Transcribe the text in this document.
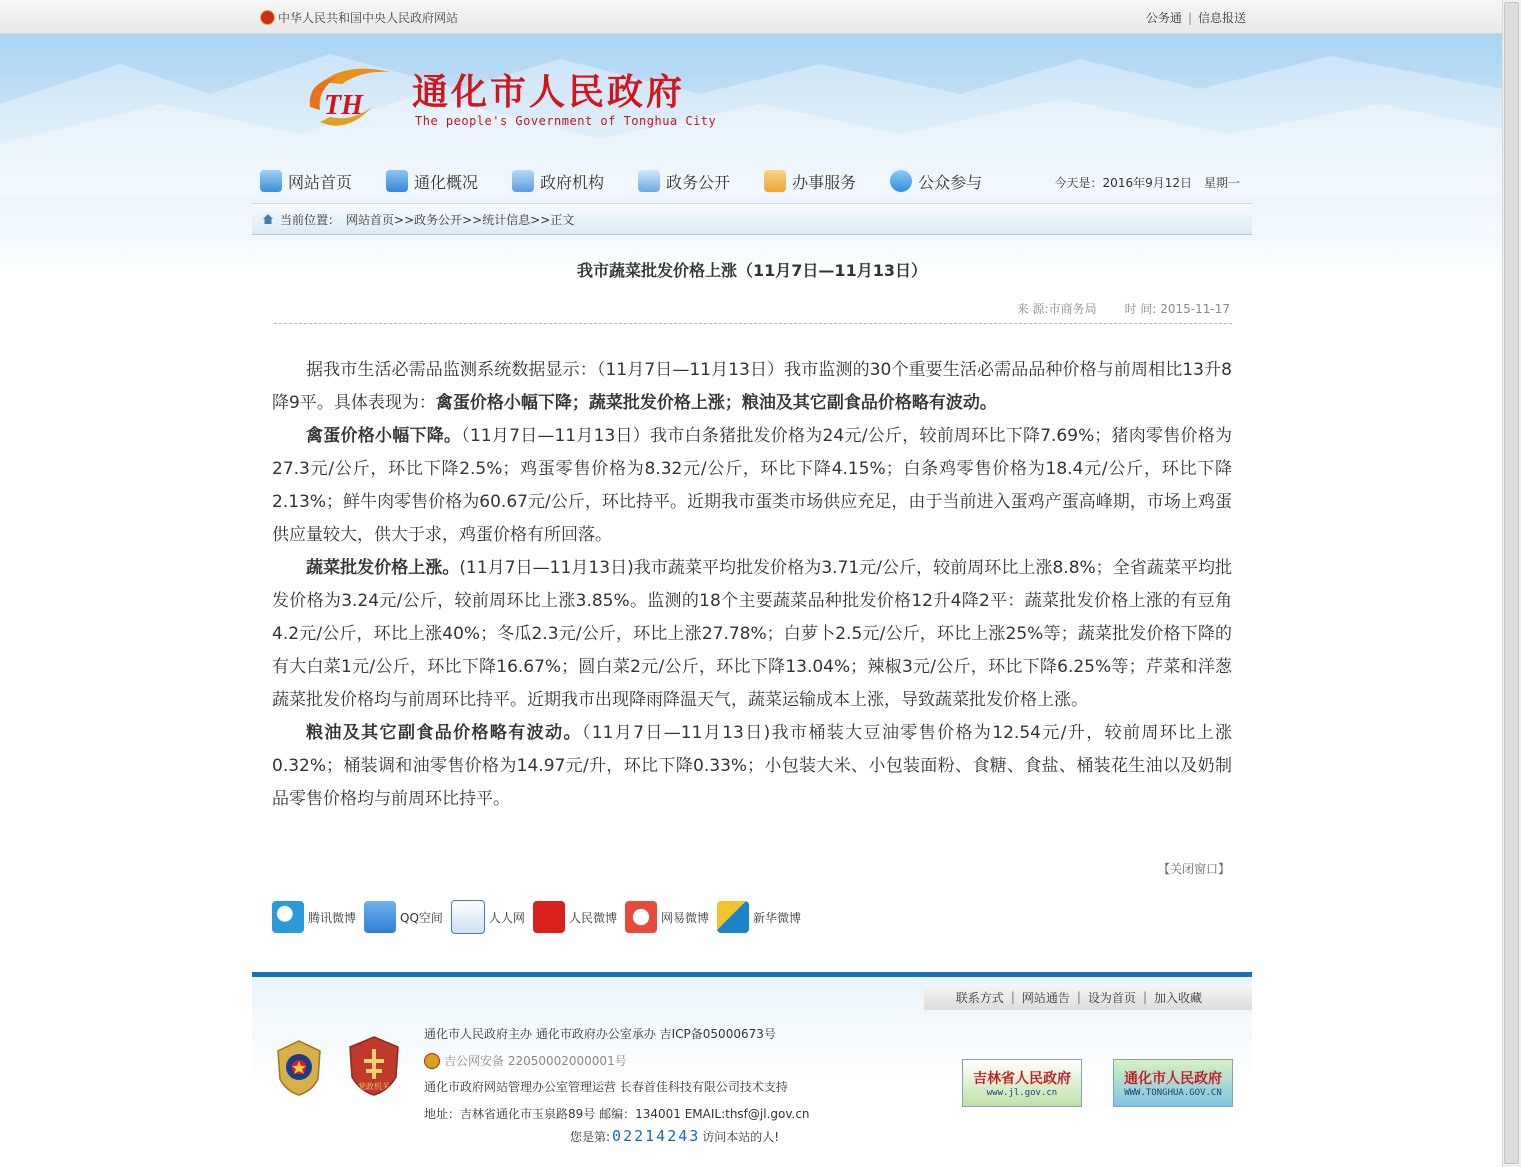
中华人民共和国中央人民政府网站	公务通 | 信息报送
TH 通化市人民政府
The people's Government of Tonghua City
网站首页	通化概况	政府机构	政务公开	办事服务	公众参与	今天是：2016年9月12日　星期一
当前位置： 网站首页>>政务公开>>统计信息>>正文
我市蔬菜批发价格上涨（11月7日—11月13日）
来 源:市商务局 时 间: 2015-11-17

据我市生活必需品监测系统数据显示：（11月7日—11月13日）我市监测的30个重要生活必需品品种价格与前周相比13升8降9平。具体表现为：禽蛋价格小幅下降；蔬菜批发价格上涨；粮油及其它副食品价格略有波动。

禽蛋价格小幅下降。（11月7日—11月13日）我市白条猪批发价格为24元/公斤，较前周环比下降7.69%；猪肉零售价格为27.3元/公斤，环比下降2.5%；鸡蛋零售价格为8.32元/公斤，环比下降4.15%；白条鸡零售价格为18.4元/公斤，环比下降2.13%；鲜牛肉零售价格为60.67元/公斤，环比持平。近期我市蛋类市场供应充足，由于当前进入蛋鸡产蛋高峰期，市场上鸡蛋供应量较大，供大于求，鸡蛋价格有所回落。

蔬菜批发价格上涨。(11月7日—11月13日)我市蔬菜平均批发价格为3.71元/公斤，较前周环比上涨8.8%；全省蔬菜平均批发价格为3.24元/公斤，较前周环比上涨3.85%。监测的18个主要蔬菜品种批发价格12升4降2平：蔬菜批发价格上涨的有豆角4.2元/公斤，环比上涨40%；冬瓜2.3元/公斤，环比上涨27.78%；白萝卜2.5元/公斤，环比上涨25%等；蔬菜批发价格下降的有大白菜1元/公斤，环比下降16.67%；圆白菜2元/公斤，环比下降13.04%；辣椒3元/公斤，环比下降6.25%等；芹菜和洋葱蔬菜批发价格均与前周环比持平。近期我市出现降雨降温天气，蔬菜运输成本上涨，导致蔬菜批发价格上涨。

粮油及其它副食品价格略有波动。（11月7日—11月13日)我市桶装大豆油零售价格为12.54元/升，较前周环比上涨0.32%；桶装调和油零售价格为14.97元/升，环比下降0.33%；小包装大米、小包装面粉、食糖、食盐、桶装花生油以及奶制品零售价格均与前周环比持平。

【关闭窗口】
腾讯微博	QQ空间	人人网	人民微博	网易微博	新华微博
联系方式 | 网站通告 | 设为首页 | 加入收藏
党政机关
通化市人民政府主办 通化市政府办公室承办 吉ICP备05000673号
吉公网安备 22050002000001号
通化市政府网站管理办公室管理运营 长春首佳科技有限公司技术支持
地址：吉林省通化市玉泉路89号 邮编：134001 EMAIL:thsf@jl.gov.cn
您是第: 02214243 访问本站的人!
吉林省人民政府
www.jl.gov.cn
通化市人民政府
WWW.TONGHUA.GOV.CN
